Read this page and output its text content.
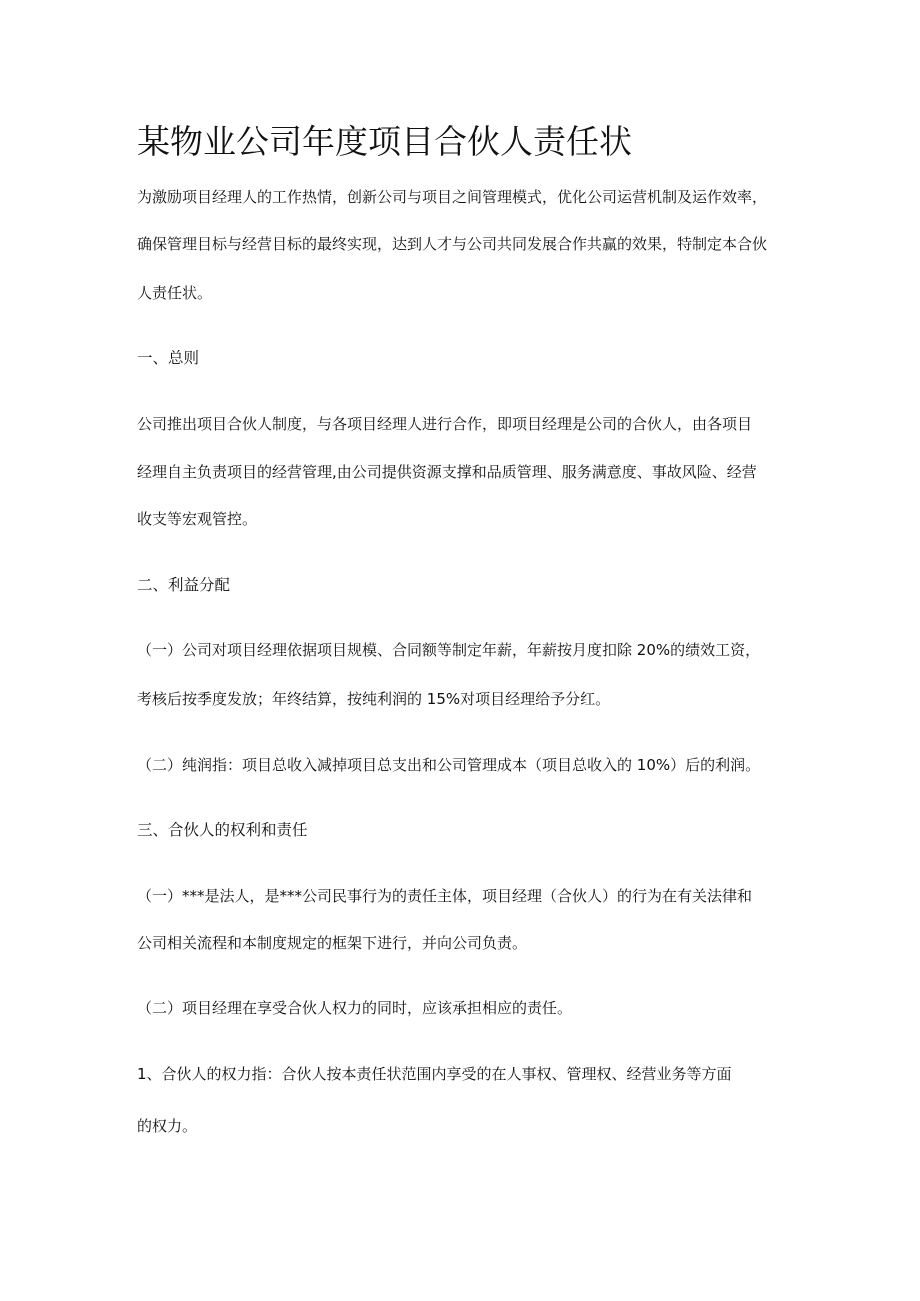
某物业公司年度项目合伙人责任状
为激励项目经理人的工作热情，创新公司与项目之间管理模式，优化公司运营机制及运作效率，
确保管理目标与经营目标的最终实现，达到人才与公司共同发展合作共赢的效果，特制定本合伙
人责任状。
一、总则
公司推出项目合伙人制度，与各项目经理人进行合作，即项目经理是公司的合伙人，由各项目
经理自主负责项目的经营管理,由公司提供资源支撑和品质管理、服务满意度、事故风险、经营
收支等宏观管控。
二、利益分配
（一）公司对项目经理依据项目规模、合同额等制定年薪，年薪按月度扣除 20%的绩效工资，
考核后按季度发放；年终结算，按纯利润的 15%对项目经理给予分红。
（二）纯润指：项目总收入减掉项目总支出和公司管理成本（项目总收入的 10%）后的利润。
三、合伙人的权利和责任
（一）***是法人，是***公司民事行为的责任主体，项目经理（合伙人）的行为在有关法律和
公司相关流程和本制度规定的框架下进行，并向公司负责。
（二）项目经理在享受合伙人权力的同时，应该承担相应的责任。
1、合伙人的权力指：合伙人按本责任状范围内享受的在人事权、管理权、经营业务等方面
的权力。
